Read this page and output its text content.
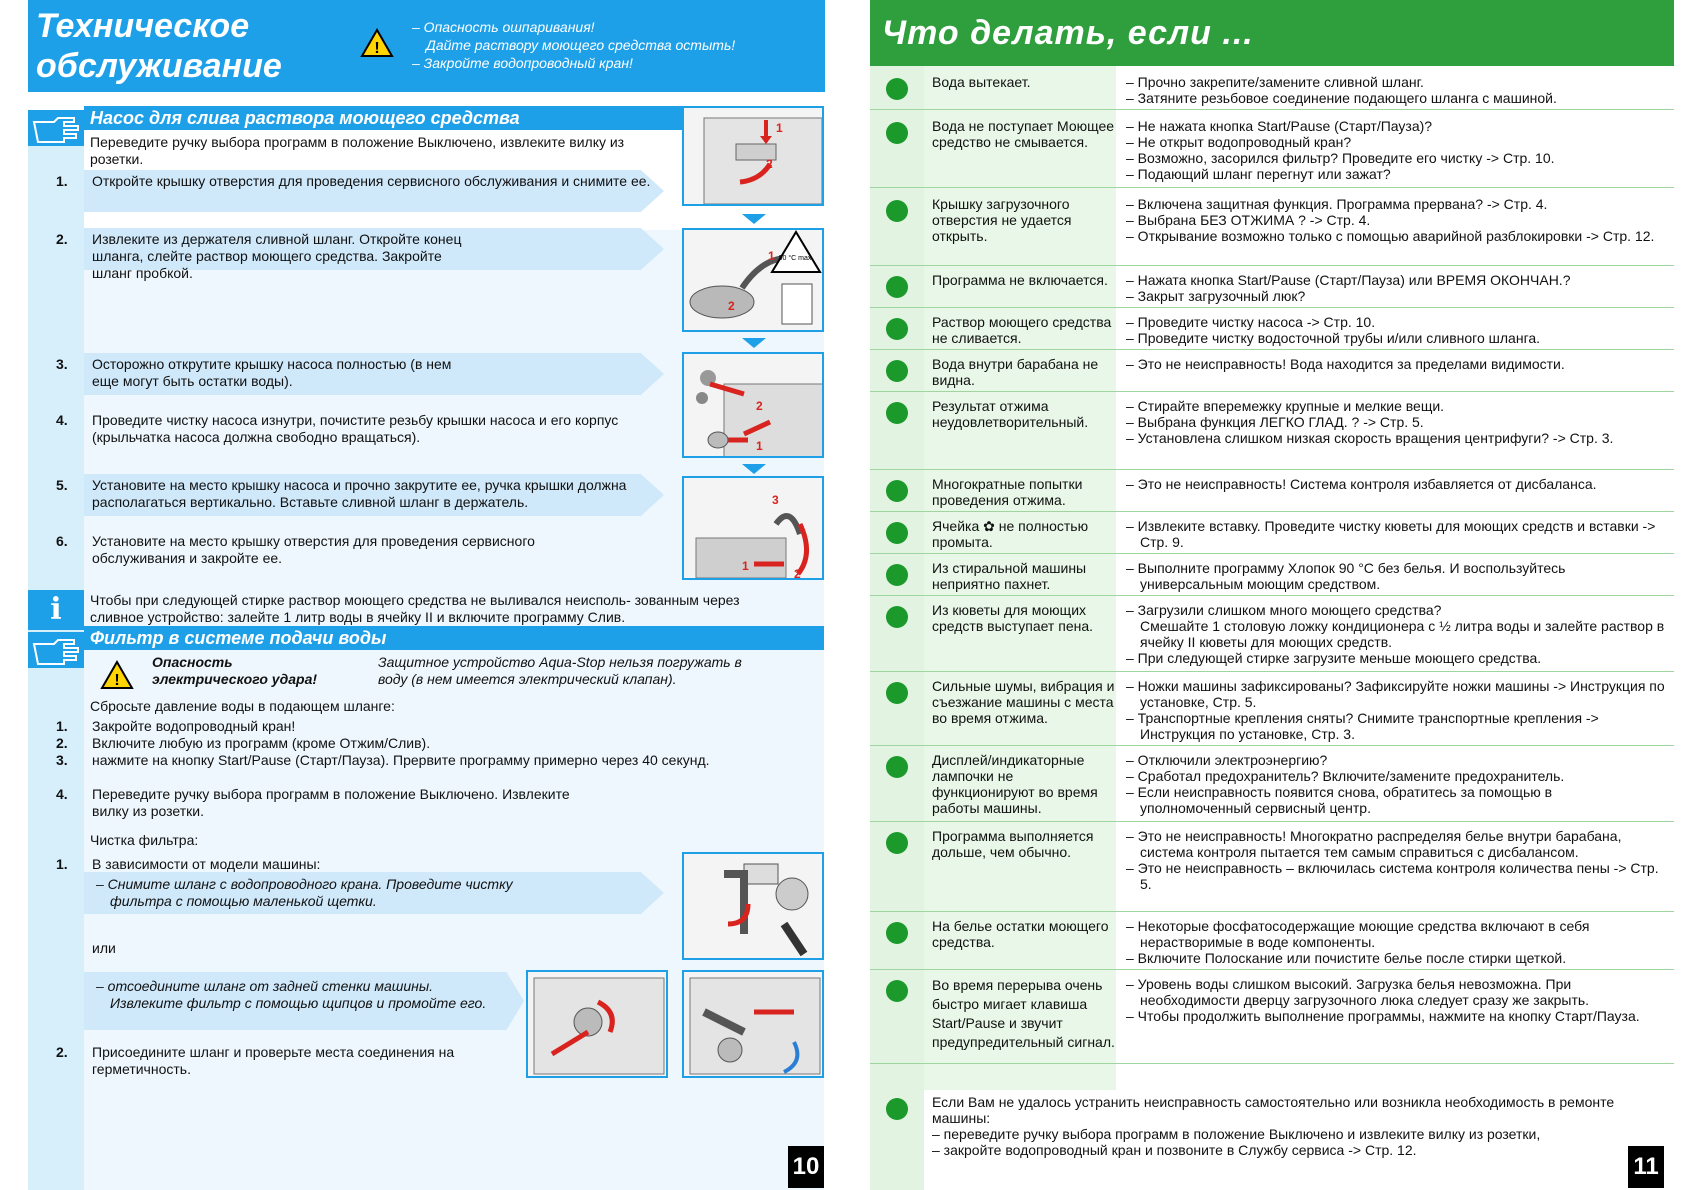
Техническое
обслуживание	!
– Опасность ошпаривания!
Дайте раствору моющего средства остыть!
– Закройте водопроводный кран!
Насос для слива раствора моющего средства
Переведите ручку выбора программ в положение Выключено, извлеките вилку из розетки.
1. Откройте крышку отверстия для проведения сервисного обслуживания и снимите ее.
2. Извлеките из держателя сливной шланг. Откройте конец шланга, слейте раствор моющего средства. Закройте шланг пробкой.
3. Осторожно открутите крышку насоса полностью (в нем еще могут быть остатки воды).
4. Проведите чистку насоса изнутри, почистите резьбу крышки насоса и его корпус (крыльчатка насоса должна свободно вращаться).
5. Установите на место крышку насоса и прочно закрутите ее, ручка крышки должна располагаться вертикально. Вставьте сливной шланг в держатель.
6. Установите на место крышку отверстия для проведения сервисного обслуживания и закройте ее.
1
2
90 °C max.
1
2
2
1
3
1
2
i	Чтобы при следующей стирке раствор моющего средства не выливался неисполь- зованным через сливное устройство: залейте 1 литр воды в ячейку II и включите программу Слив.
Фильтр в системе подачи воды
!
Опасность электрического удара!
Защитное устройство Aqua-Stop нельзя погружать в воду (в нем имеется электрический клапан).
Сбросьте давление воды в подающем шланге:
1. Закройте водопроводный кран!
2. Включите любую из программ (кроме Отжим/Слив).
3. нажмите на кнопку Start/Pause (Старт/Пауза). Прервите программу примерно через 40 секунд.
4. Переведите ручку выбора программ в положение Выключено. Извлеките вилку из розетки.
Чистка фильтра:
1. В зависимости от модели машины:
– Снимите шланг с водопроводного крана. Проведите чистку фильтра с помощью маленькой щетки.
или
– отсоедините шланг от задней стенки машины. Извлеките фильтр с помощью щипцов и промойте его.
2. Присоедините шланг и проверьте места соединения на герметичность.
10
Что делать, если ...
Вода вытекает.	– Прочно закрепите/замените сливной шланг.
– Затяните резьбовое соединение подающего шланга с машиной.
Вода не поступает Моющее средство не смывается.
– Не нажата кнопка Start/Pause (Старт/Пауза)?
– Не открыт водопроводный кран?
– Возможно, засорился фильтр? Проведите его чистку -> Стр. 10.
– Подающий шланг перегнут или зажат?
Крышку загрузочного отверстия не удается открыть.
– Включена защитная функция. Программа прервана? -> Стр. 4.
– Выбрана БЕЗ ОТЖИМА ? -> Стр. 4.
– Открывание возможно только с помощью аварийной разблокировки -> Стр. 12.
Программа не включается.	– Нажата кнопка Start/Pause (Старт/Пауза) или ВРЕМЯ ОКОНЧАН.?
– Закрыт загрузочный люк?
Раствор моющего средства не сливается.
– Проведите чистку насоса -> Стр. 10.
– Проведите чистку водосточной трубы и/или сливного шланга.
Вода внутри барабана не видна.
– Это не неисправность! Вода находится за пределами видимости.
Результат отжима неудовлетворительный.
– Стирайте вперемежку крупные и мелкие вещи.
– Выбрана функция ЛЕГКО ГЛАД. ? -> Стр. 5.
– Установлена слишком низкая скорость вращения центрифуги? -> Стр. 3.
Многократные попытки проведения отжима.
– Это не неисправность! Система контроля избавляется от дисбаланса.
Ячейка ✿ не полностью промыта.
– Извлеките вставку. Проведите чистку кюветы для моющих средств и вставки -> Стр. 9.
Из стиральной машины неприятно пахнет.
– Выполните программу Хлопок 90 °C без белья. И воспользуйтесь универсальным моющим средством.
Из кюветы для моющих средств выступает пена.
– Загрузили слишком много моющего средства?
Смешайте 1 столовую ложку кондиционера с ½ литра воды и залейте раствор в ячейку II кюветы для моющих средств.
– При следующей стирке загрузите меньше моющего средства.
Сильные шумы, вибрация и съезжание машины с места во время отжима.
– Ножки машины зафиксированы? Зафиксируйте ножки машины -> Инструкция по установке, Стр. 5.
– Транспортные крепления сняты? Снимите транспортные крепления -> Инструкция по установке, Стр. 3.
Дисплей/индикаторные лампочки не функционируют во время работы машины.
– Отключили электроэнергию?
– Сработал предохранитель? Включите/замените предохранитель.
– Если неисправность появится снова, обратитесь за помощью в уполномоченный сервисный центр.
Программа выполняется дольше, чем обычно.
– Это не неисправность! Многократно распределяя белье внутри барабана, система контроля пытается тем самым справиться с дисбалансом.
– Это не неисправность – включилась система контроля количества пены -> Стр. 5.
На белье остатки моющего средства.
– Некоторые фосфатосодержащие моющие средства включают в себя нерастворимые в воде компоненты.
– Включите Полоскание или почистите белье после стирки щеткой.
Во время перерыва очень быстро мигает клавиша Start/Pause и звучит предупредительный сигнал.
– Уровень воды слишком высокий. Загрузка белья невозможна. При необходимости дверцу загрузочного люка следует сразу же закрыть.
– Чтобы продолжить выполнение программы, нажмите на кнопку Старт/Пауза.
Если Вам не удалось устранить неисправность самостоятельно или возникла необходимость в ремонте машины:
– переведите ручку выбора программ в положение Выключено и извлеките вилку из розетки,
– закройте водопроводный кран и позвоните в Службу сервиса -> Стр. 12.
11
